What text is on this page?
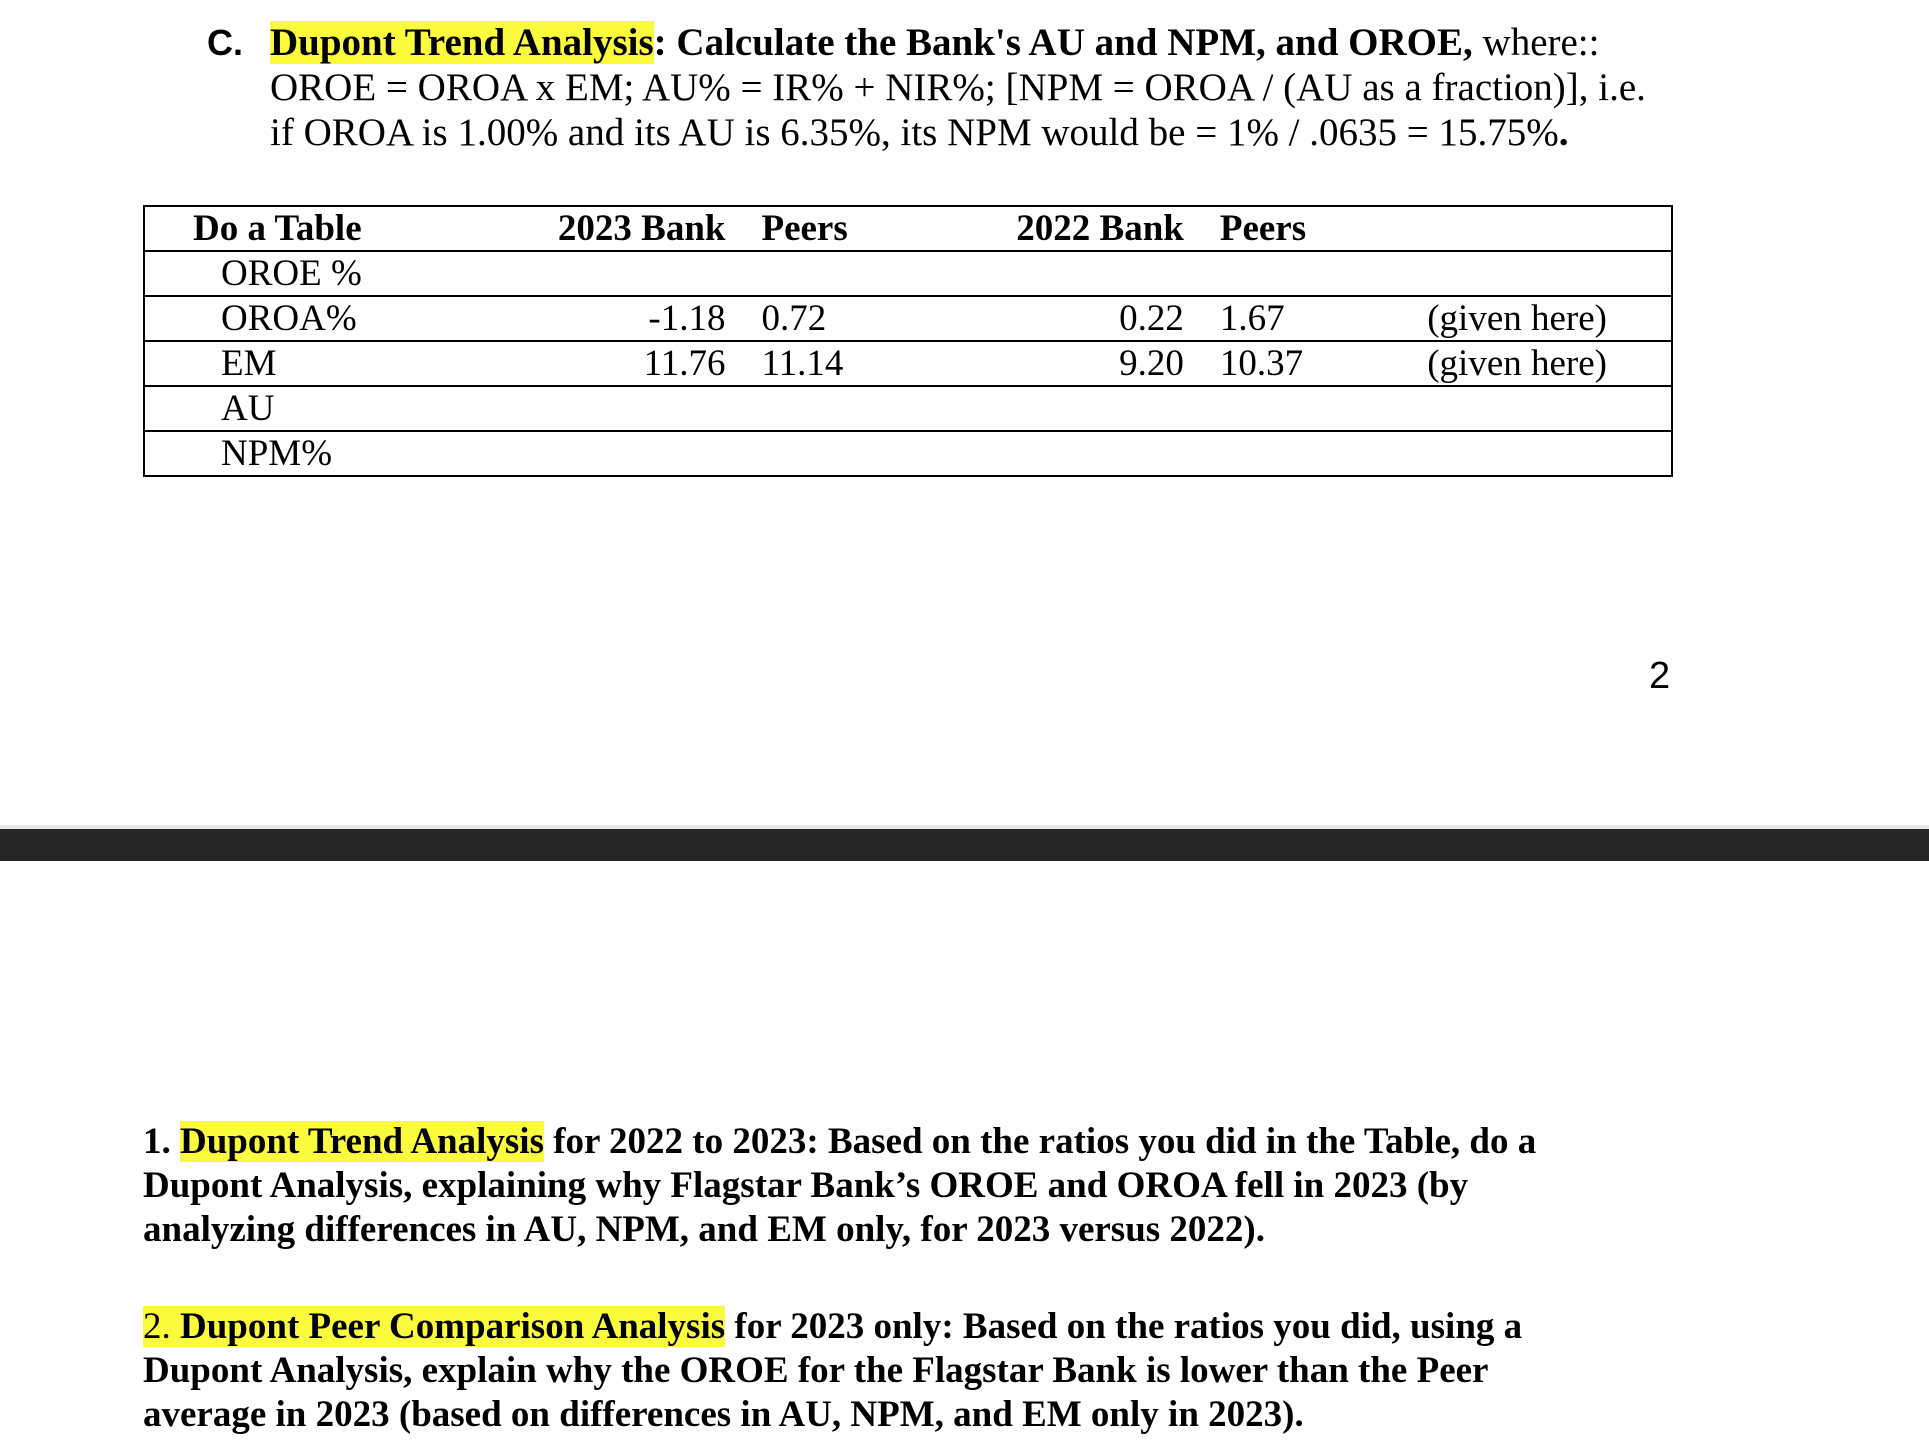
C. Dupont Trend Analysis: Calculate the Bank's AU and NPM, and OROE, where::
OROE = OROA x EM; AU% = IR% + NIR%; [NPM = OROA / (AU as a fraction)], i.e.
if OROA is 1.00% and its AU is 6.35%, its NPM would be = 1% / .0635 = 15.75%.
Do a Table	2023 Bank	Peers	2022 Bank	Peers	
OROE %					
OROA%	-1.18	0.72	0.22	1.67	(given here)
EM	11.76	11.14	9.20	10.37	(given here)
AU					
NPM%					
2
1. Dupont Trend Analysis for 2022 to 2023: Based on the ratios you did in the Table, do a
Dupont Analysis, explaining why Flagstar Bank’s OROE and OROA fell in 2023 (by
analyzing differences in AU, NPM, and EM only, for 2023 versus 2022).
2. Dupont Peer Comparison Analysis for 2023 only: Based on the ratios you did, using a
Dupont Analysis, explain why the OROE for the Flagstar Bank is lower than the Peer
average in 2023 (based on differences in AU, NPM, and EM only in 2023).
